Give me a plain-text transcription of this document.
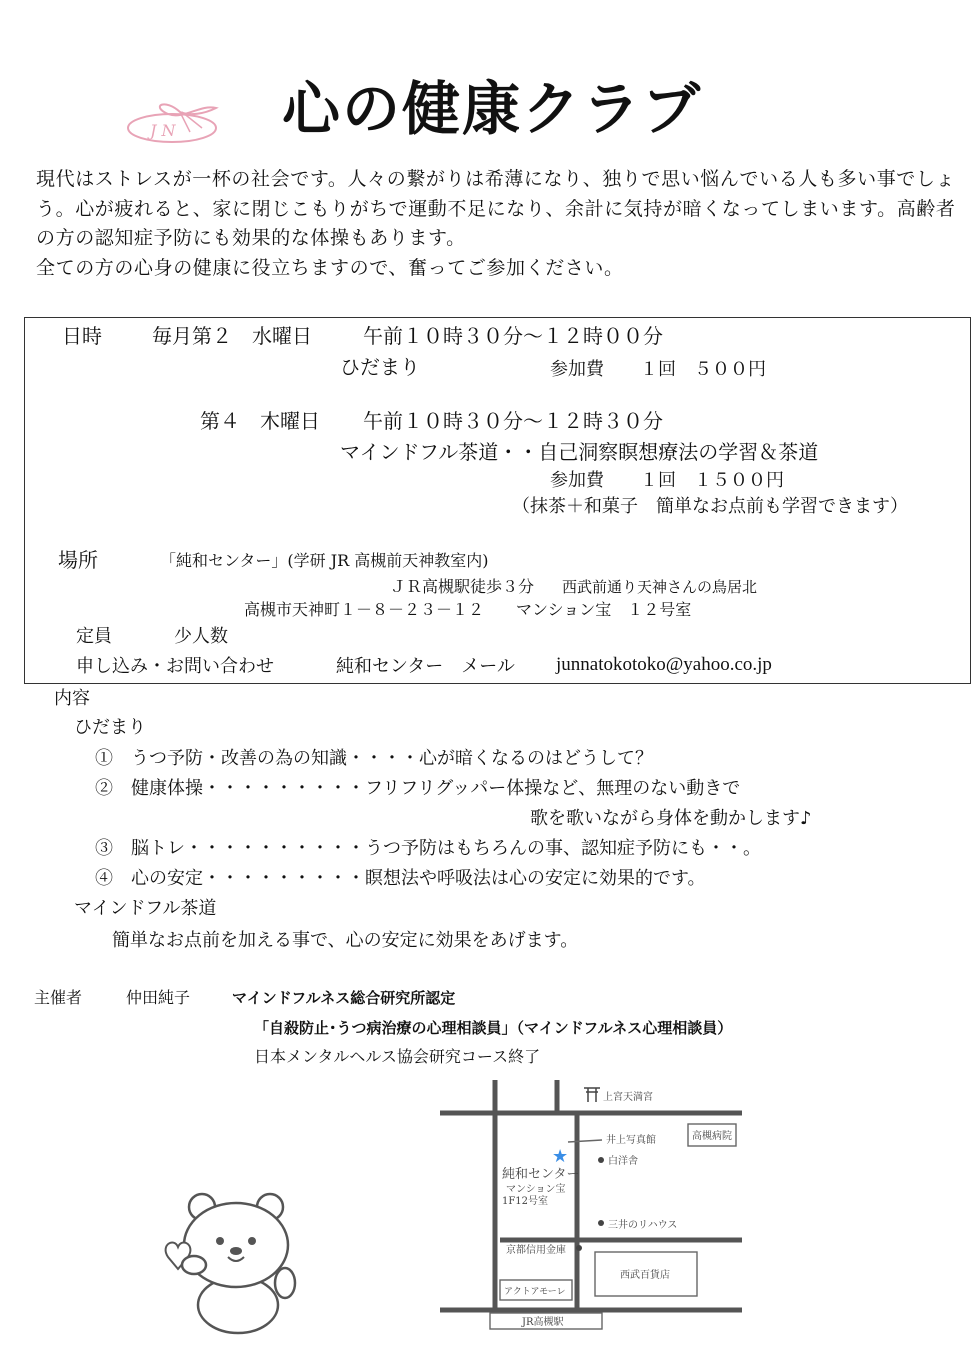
J N 心の健康クラブ

現代はストレスが一杯の社会です。人々の繋がりは希薄になり、独りで思い悩んでいる人も多い事でしょう。心が疲れると、家に閉じこもりがちで運動不足になり、余計に気持が暗くなってしまいます。高齢者の方の認知症予防にも効果的な体操もあります。

全ての方の心身の健康に役立ちますので、奮ってご参加ください。

日時	毎月第２　水曜日	午前１０時３０分～１２時００分
ひだまり	参加費　　１回　５００円
第４　木曜日 午前１０時３０分～１２時３０分
マインドフル茶道・・自己洞察瞑想療法の学習＆茶道
参加費　　１回　１５００円
（抹茶＋和菓子　簡単なお点前も学習できます）
場所	「純和センター」(学研 JR 高槻前天神教室内)
ＪＲ高槻駅徒歩３分 西武前通り天神さんの鳥居北
高槻市天神町１－８－２３－１２　　マンション宝　１２号室
定員	少人数
申し込み・お問い合わせ	純和センター　メール junnatokotoko@yahoo.co.jp
内容
ひだまり
①　うつ予防・改善の為の知識・・・・心が暗くなるのはどうして？
②　健康体操・・・・・・・・・フリフリグッパー体操など、無理のない動きで
歌を歌いながら身体を動かします♪
③　脳トレ・・・・・・・・・・うつ予防はもちろんの事、認知症予防にも・・。
④　心の安定・・・・・・・・・瞑想法や呼吸法は心の安定に効果的です。
マインドフル茶道
簡単なお点前を加える事で、心の安定に効果をあげます。
主催者	仲田純子	マインドフルネス総合研究所認定
「自殺防止･うつ病治療の心理相談員」（マインドフルネス心理相談員）
日本メンタルヘルス協会研究コース終了
上宮天満宮
高槻病院
井上写真館
白洋舎
★
純和センター
マンション宝
1F12号室
三井のリハウス
京都信用金庫
西武百貨店
アクトアモーレ
JR高槻駅
